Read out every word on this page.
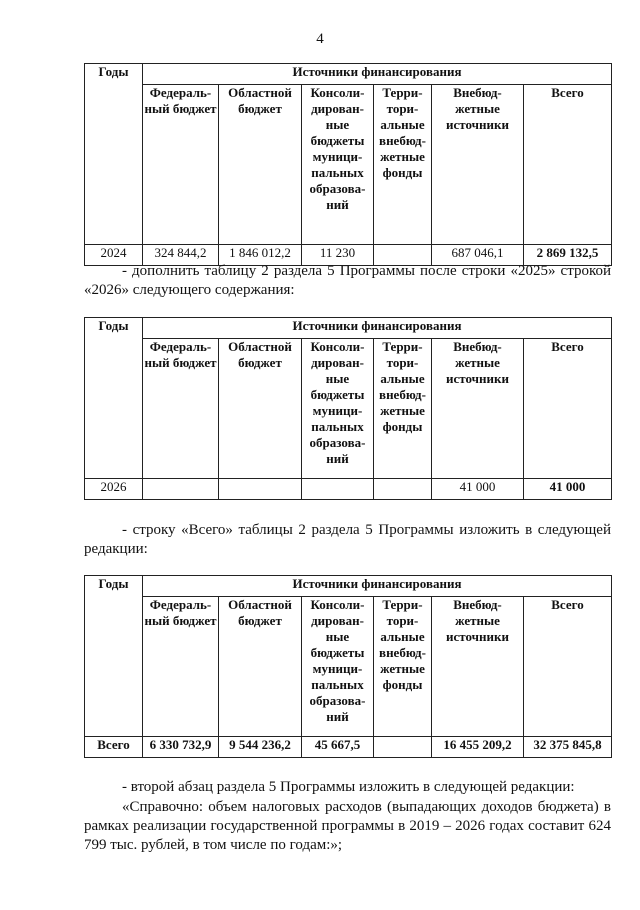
4
Годы	Источники финансирования					
	Федераль-ный бюджет	Областной бюджет	Консоли-дирован-ные бюджеты муници-пальных образова-ний	Терри-тори-альные внебюд-жетные фонды	Внебюд-жетные источники	Всего
2024	324 844,2	1 846 012,2	11 230		687 046,1	2 869 132,5
- дополнить таблицу 2 раздела 5 Программы после строки «2025» строкой «2026» следующего содержания:
Годы	Источники финансирования					
	Федераль-ный бюджет	Областной бюджет	Консоли-дирован-ные бюджеты муници-пальных образова-ний	Терри-тори-альные внебюд-жетные фонды	Внебюд-жетные источники	Всего
2026					41 000	41 000
- строку «Всего» таблицы 2 раздела 5 Программы изложить в следующей редакции:
Годы	Источники финансирования					
	Федераль-ный бюджет	Областной бюджет	Консоли-дирован-ные бюджеты муници-пальных образова-ний	Терри-тори-альные внебюд-жетные фонды	Внебюд-жетные источники	Всего
Всего	6 330 732,9	9 544 236,2	45 667,5		16 455 209,2	32 375 845,8
- второй абзац раздела 5 Программы изложить в следующей редакции:
«Справочно: объем налоговых расходов (выпадающих доходов бюджета) в рамках реализации государственной программы в 2019 – 2026 годах составит 624 799 тыс. рублей, в том числе по годам:»;
